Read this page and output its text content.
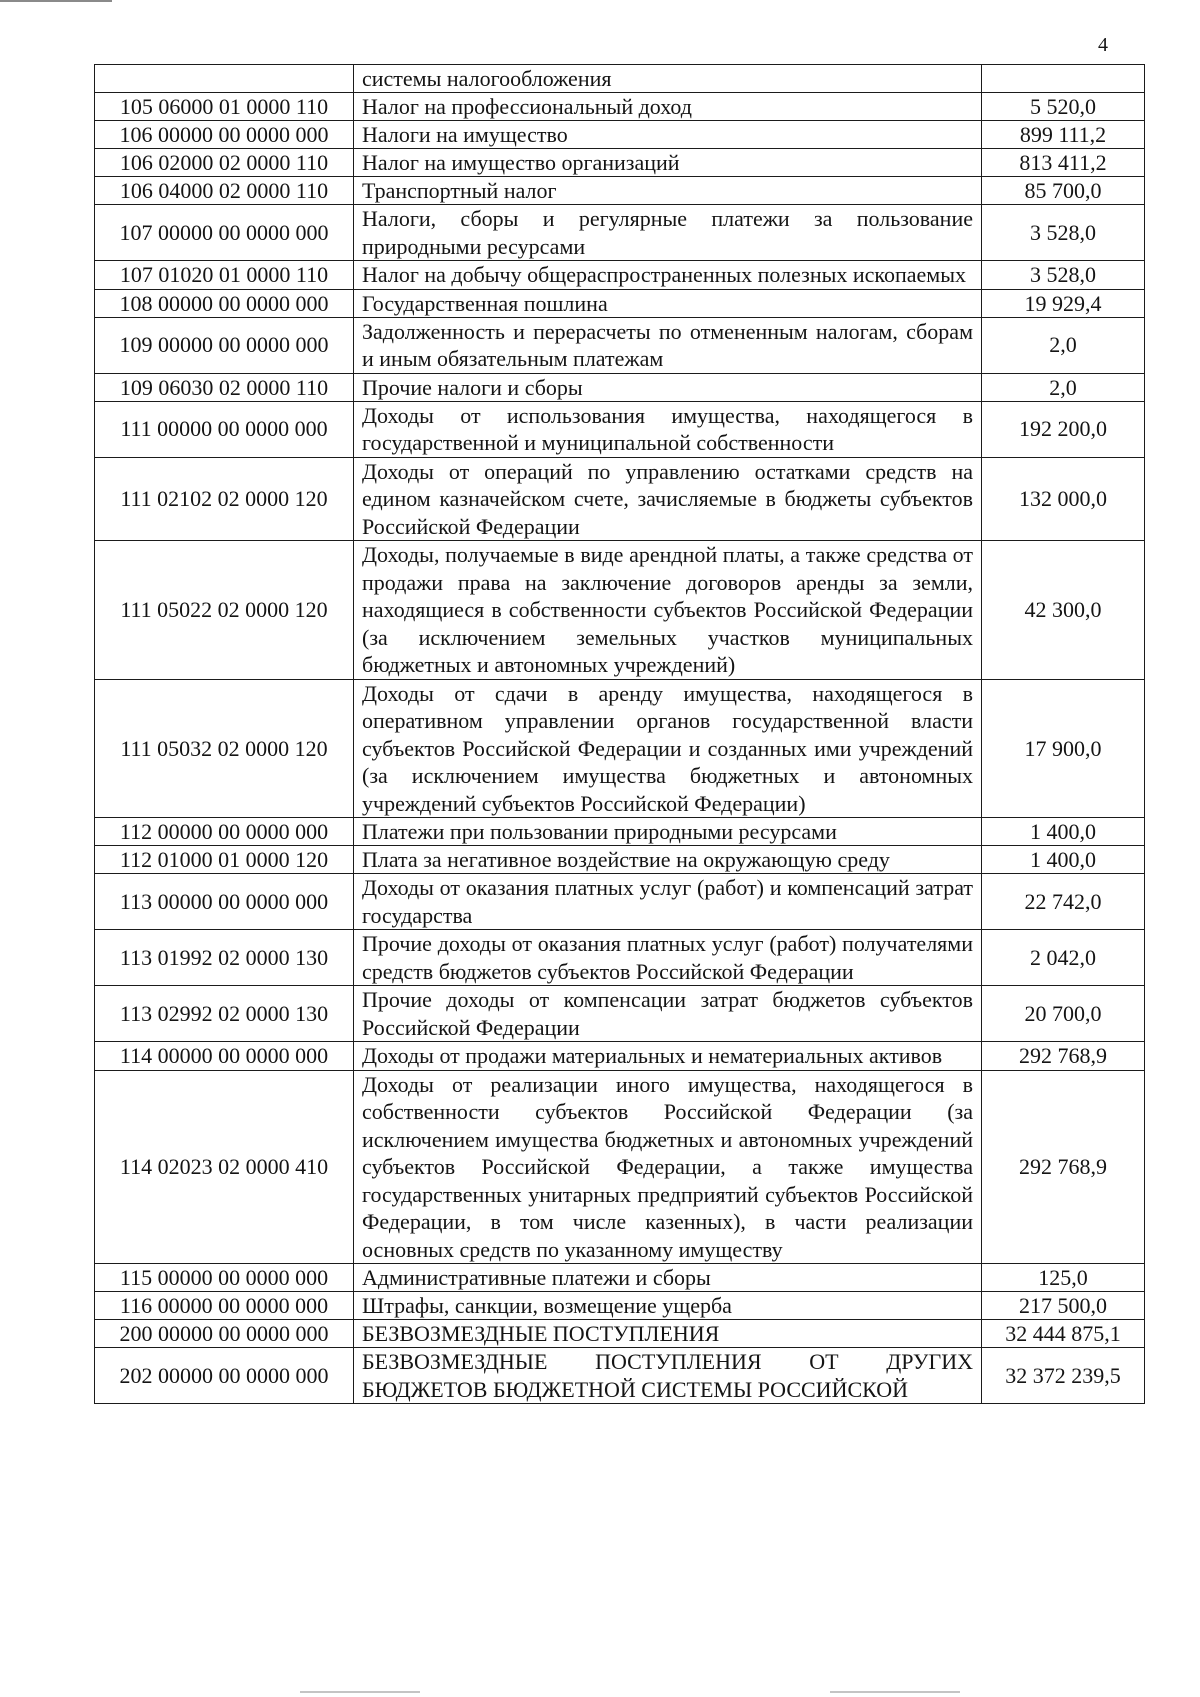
4
	системы налогообложения	
105 06000 01 0000 110	Налог на профессиональный доход	5 520,0
106 00000 00 0000 000	Налоги на имущество	899 111,2
106 02000 02 0000 110	Налог на имущество организаций	813 411,2
106 04000 02 0000 110	Транспортный налог	85 700,0
107 00000 00 0000 000	Налоги, сборы и регулярные платежи за пользование природными ресурсами	3 528,0
107 01020 01 0000 110	Налог на добычу общераспространенных полезных ископаемых	3 528,0
108 00000 00 0000 000	Государственная пошлина	19 929,4
109 00000 00 0000 000	Задолженность и перерасчеты по отмененным налогам, сборам и иным обязательным платежам	2,0
109 06030 02 0000 110	Прочие налоги и сборы	2,0
111 00000 00 0000 000	Доходы от использования имущества, находящегося в государственной и муниципальной собственности	192 200,0
111 02102 02 0000 120	Доходы от операций по управлению остатками средств на едином казначейском счете, зачисляемые в бюджеты субъектов Российской Федерации	132 000,0
111 05022 02 0000 120	Доходы, получаемые в виде арендной платы, а также средства от продажи права на заключение договоров аренды за земли, находящиеся в собственности субъектов Российской Федерации (за исключением земельных участков муниципальных бюджетных и автономных учреждений)	42 300,0
111 05032 02 0000 120	Доходы от сдачи в аренду имущества, находящегося в оперативном управлении органов государственной власти субъектов Российской Федерации и созданных ими учреждений (за исключением имущества бюджетных и автономных учреждений субъектов Российской Федерации)	17 900,0
112 00000 00 0000 000	Платежи при пользовании природными ресурсами	1 400,0
112 01000 01 0000 120	Плата за негативное воздействие на окружающую среду	1 400,0
113 00000 00 0000 000	Доходы от оказания платных услуг (работ) и компенсаций затрат государства	22 742,0
113 01992 02 0000 130	Прочие доходы от оказания платных услуг (работ) получателями средств бюджетов субъектов Российской Федерации	2 042,0
113 02992 02 0000 130	Прочие доходы от компенсации затрат бюджетов субъектов Российской Федерации	20 700,0
114 00000 00 0000 000	Доходы от продажи материальных и нематериальных активов	292 768,9
114 02023 02 0000 410	Доходы от реализации иного имущества, находящегося в собственности субъектов Российской Федерации (за исключением имущества бюджетных и автономных учреждений субъектов Российской Федерации, а также имущества государственных унитарных предприятий субъектов Российской Федерации, в том числе казенных), в части реализации основных средств по указанному имуществу	292 768,9
115 00000 00 0000 000	Административные платежи и сборы	125,0
116 00000 00 0000 000	Штрафы, санкции, возмещение ущерба	217 500,0
200 00000 00 0000 000	БЕЗВОЗМЕЗДНЫЕ ПОСТУПЛЕНИЯ	32 444 875,1
202 00000 00 0000 000	БЕЗВОЗМЕЗДНЫЕ ПОСТУПЛЕНИЯ ОТ ДРУГИХ БЮДЖЕТОВ БЮДЖЕТНОЙ СИСТЕМЫ РОССИЙСКОЙ	32 372 239,5
